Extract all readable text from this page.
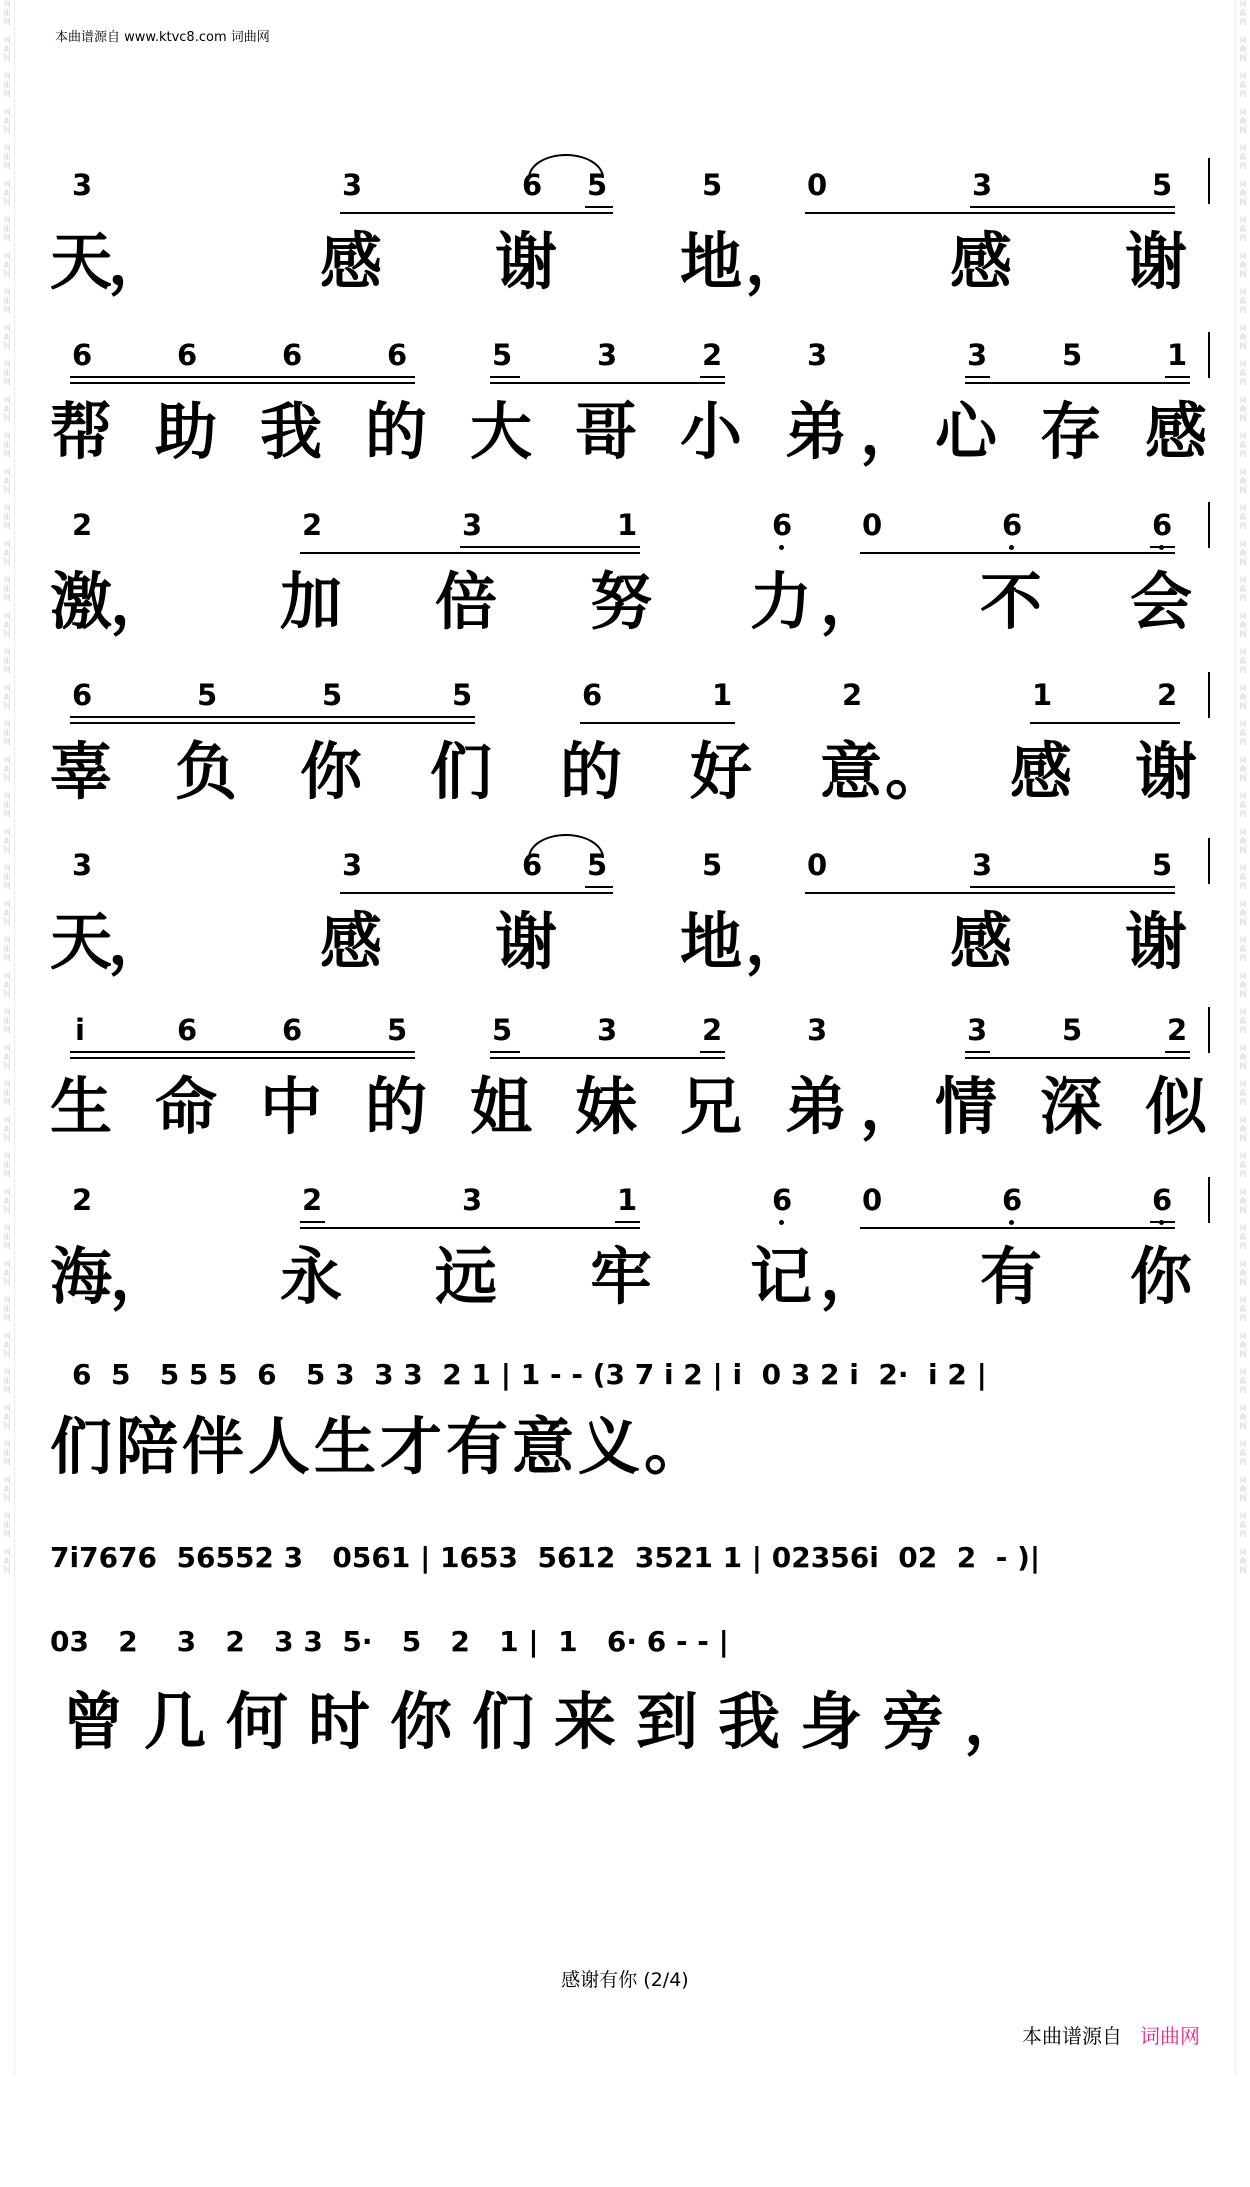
词
曲
网

词
曲
网

词
曲
网

词
曲
网

词
曲
网

词
曲
网

词
曲
网

词
曲
网

词
曲
网

词
曲
网

词
曲
网

词
曲
网

词
曲
网

词
曲
网

词
曲
网

词
曲
网

词
曲
网

词
曲
网

词
曲
网

词
曲
网

词
曲
网

词
曲
网

词
曲
网

词
曲
网

词
曲
网

词
曲
网

词
曲
网

词
曲
网

词
曲
网

词
曲
网

词
曲
网

词
曲
网

词
曲
网

词
曲
网

词
曲
网

词
曲
网

词
曲
网

词
曲
网

词
曲
网

词
曲
网

词
曲
网

词
曲
网

词
曲
网

词
曲
网
词
曲
网

词
曲
网

词
曲
网

词
曲
网

词
曲
网

词
曲
网

词
曲
网

词
曲
网

词
曲
网

词
曲
网

词
曲
网

词
曲
网

词
曲
网

词
曲
网

词
曲
网

词
曲
网

词
曲
网

词
曲
网

词
曲
网

词
曲
网

词
曲
网

词
曲
网

词
曲
网

词
曲
网

词
曲
网

词
曲
网

词
曲
网

词
曲
网

词
曲
网

词
曲
网

词
曲
网

词
曲
网

词
曲
网

词
曲
网

词
曲
网

词
曲
网

词
曲
网

词
曲
网

词
曲
网

词
曲
网

词
曲
网

词
曲
网

词
曲
网

词
曲
网
本曲谱源自 www.ktvc8.com 词曲网
3	3	6 5	5	0	3	5

天

，

感

谢

地

，

感

谢

6	6	6	6	5	3	2	3	3	5	1

帮

助

我

的

大

哥

小

弟

，

心

存

感

2	2	3	1	6 0	6	6

激

，

加

倍

努

力

，

不

会

6	5	5	5	6	1	2	1	2

辜

负

你

们

的

好

意

。

感

谢

3	3	6 5	5	0	3	5

天

，

感

谢

地

，

感

谢

i	6	6	5	5	3	2	3	3	5	2

生

命

中

的

姐

妹

兄

弟

，

情

深

似

2	2	3	1	6 0	6	6

海

，

永

远

牢

记

，

有

你

6  5   5 5 5  6   5 3  3 3  2 1 | 1 - - (3 7 i 2 | i  0 3 2 i  2·  i 2 |
们陪伴人生才有意义。
7i7676  56552 3   0561 | 1653  5612  3521 1 | 02356i  02  2  - )|
03   2    3   2   3 3  5·   5   2   1 |  1   6· 6 - - |
曾几何时你们来到我身旁，
感谢有你 (2/4)
本曲谱源自 词曲网
